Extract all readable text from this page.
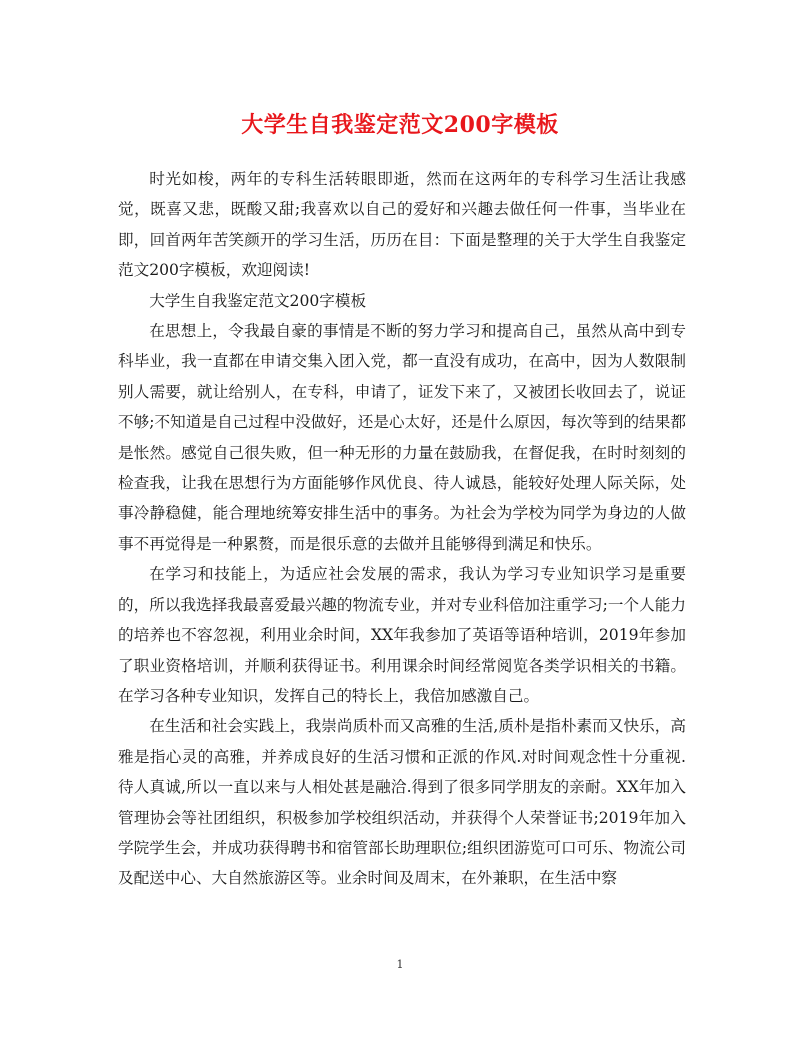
大学生自我鉴定范文200字模板

时光如梭，两年的专科生活转眼即逝，然而在这两年的专科学习生活让我感觉，既喜又悲，既酸又甜;我喜欢以自己的爱好和兴趣去做任何一件事，当毕业在即，回首两年苦笑颜开的学习生活，历历在目：下面是整理的关于大学生自我鉴定范文200字模板，欢迎阅读!

大学生自我鉴定范文200字模板

在思想上，令我最自豪的事情是不断的努力学习和提高自己，虽然从高中到专科毕业，我一直都在申请交集入团入党，都一直没有成功，在高中，因为人数限制别人需要，就让给别人，在专科，申请了，证发下来了，又被团长收回去了，说证不够;不知道是自己过程中没做好，还是心太好，还是什么原因，每次等到的结果都是怅然。感觉自己很失败，但一种无形的力量在鼓励我，在督促我，在时时刻刻的检查我，让我在思想行为方面能够作风优良、待人诚恳，能较好处理人际关际，处事冷静稳健，能合理地统筹安排生活中的事务。为社会为学校为同学为身边的人做事不再觉得是一种累赘，而是很乐意的去做并且能够得到满足和快乐。

在学习和技能上，为适应社会发展的需求，我认为学习专业知识学习是重要的，所以我选择我最喜爱最兴趣的物流专业，并对专业科倍加注重学习;一个人能力的培养也不容忽视，利用业余时间，XX年我参加了英语等语种培训，2019年参加了职业资格培训，并顺利获得证书。利用课余时间经常阅览各类学识相关的书籍。在学习各种专业知识，发挥自己的特长上，我倍加感激自己。

在生活和社会实践上，我崇尚质朴而又高雅的生活,质朴是指朴素而又快乐，高雅是指心灵的高雅，并养成良好的生活习惯和正派的作风.对时间观念性十分重视.待人真诚,所以一直以来与人相处甚是融洽.得到了很多同学朋友的亲耐。XX年加入管理协会等社团组织，积极参加学校组织活动，并获得个人荣誉证书;2019年加入学院学生会，并成功获得聘书和宿管部长助理职位;组织团游览可口可乐、物流公司及配送中心、大自然旅游区等。业余时间及周末，在外兼职，在生活中察

1
